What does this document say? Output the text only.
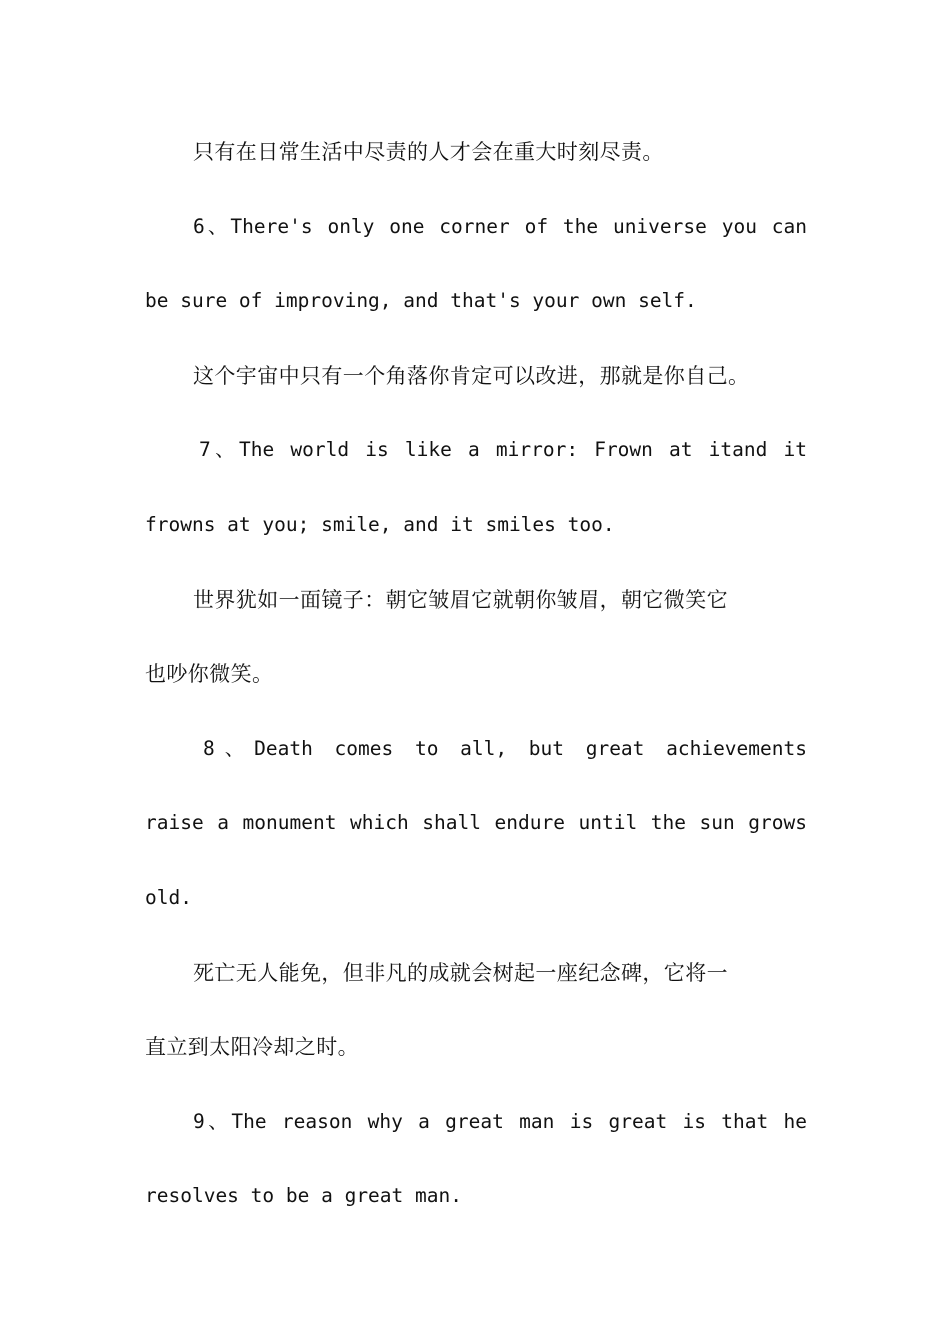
只有在日常生活中尽责的人才会在重大时刻尽责。
6、There's only one corner of the universe you can
be sure of improving, and that's your own self.
这个宇宙中只有一个角落你肯定可以改进，那就是你自己。
7、The world is like a mirror: Frown at itand it
frowns at you; smile, and it smiles too.
世界犹如一面镜子：朝它皱眉它就朝你皱眉，朝它微笑它
也吵你微笑。
8、Death comes to all, but great achievements
raise a monument which shall endure until the sun grows
old.
死亡无人能免，但非凡的成就会树起一座纪念碑，它将一
直立到太阳冷却之时。
9、The reason why a great man is great is that he
resolves to be a great man.
